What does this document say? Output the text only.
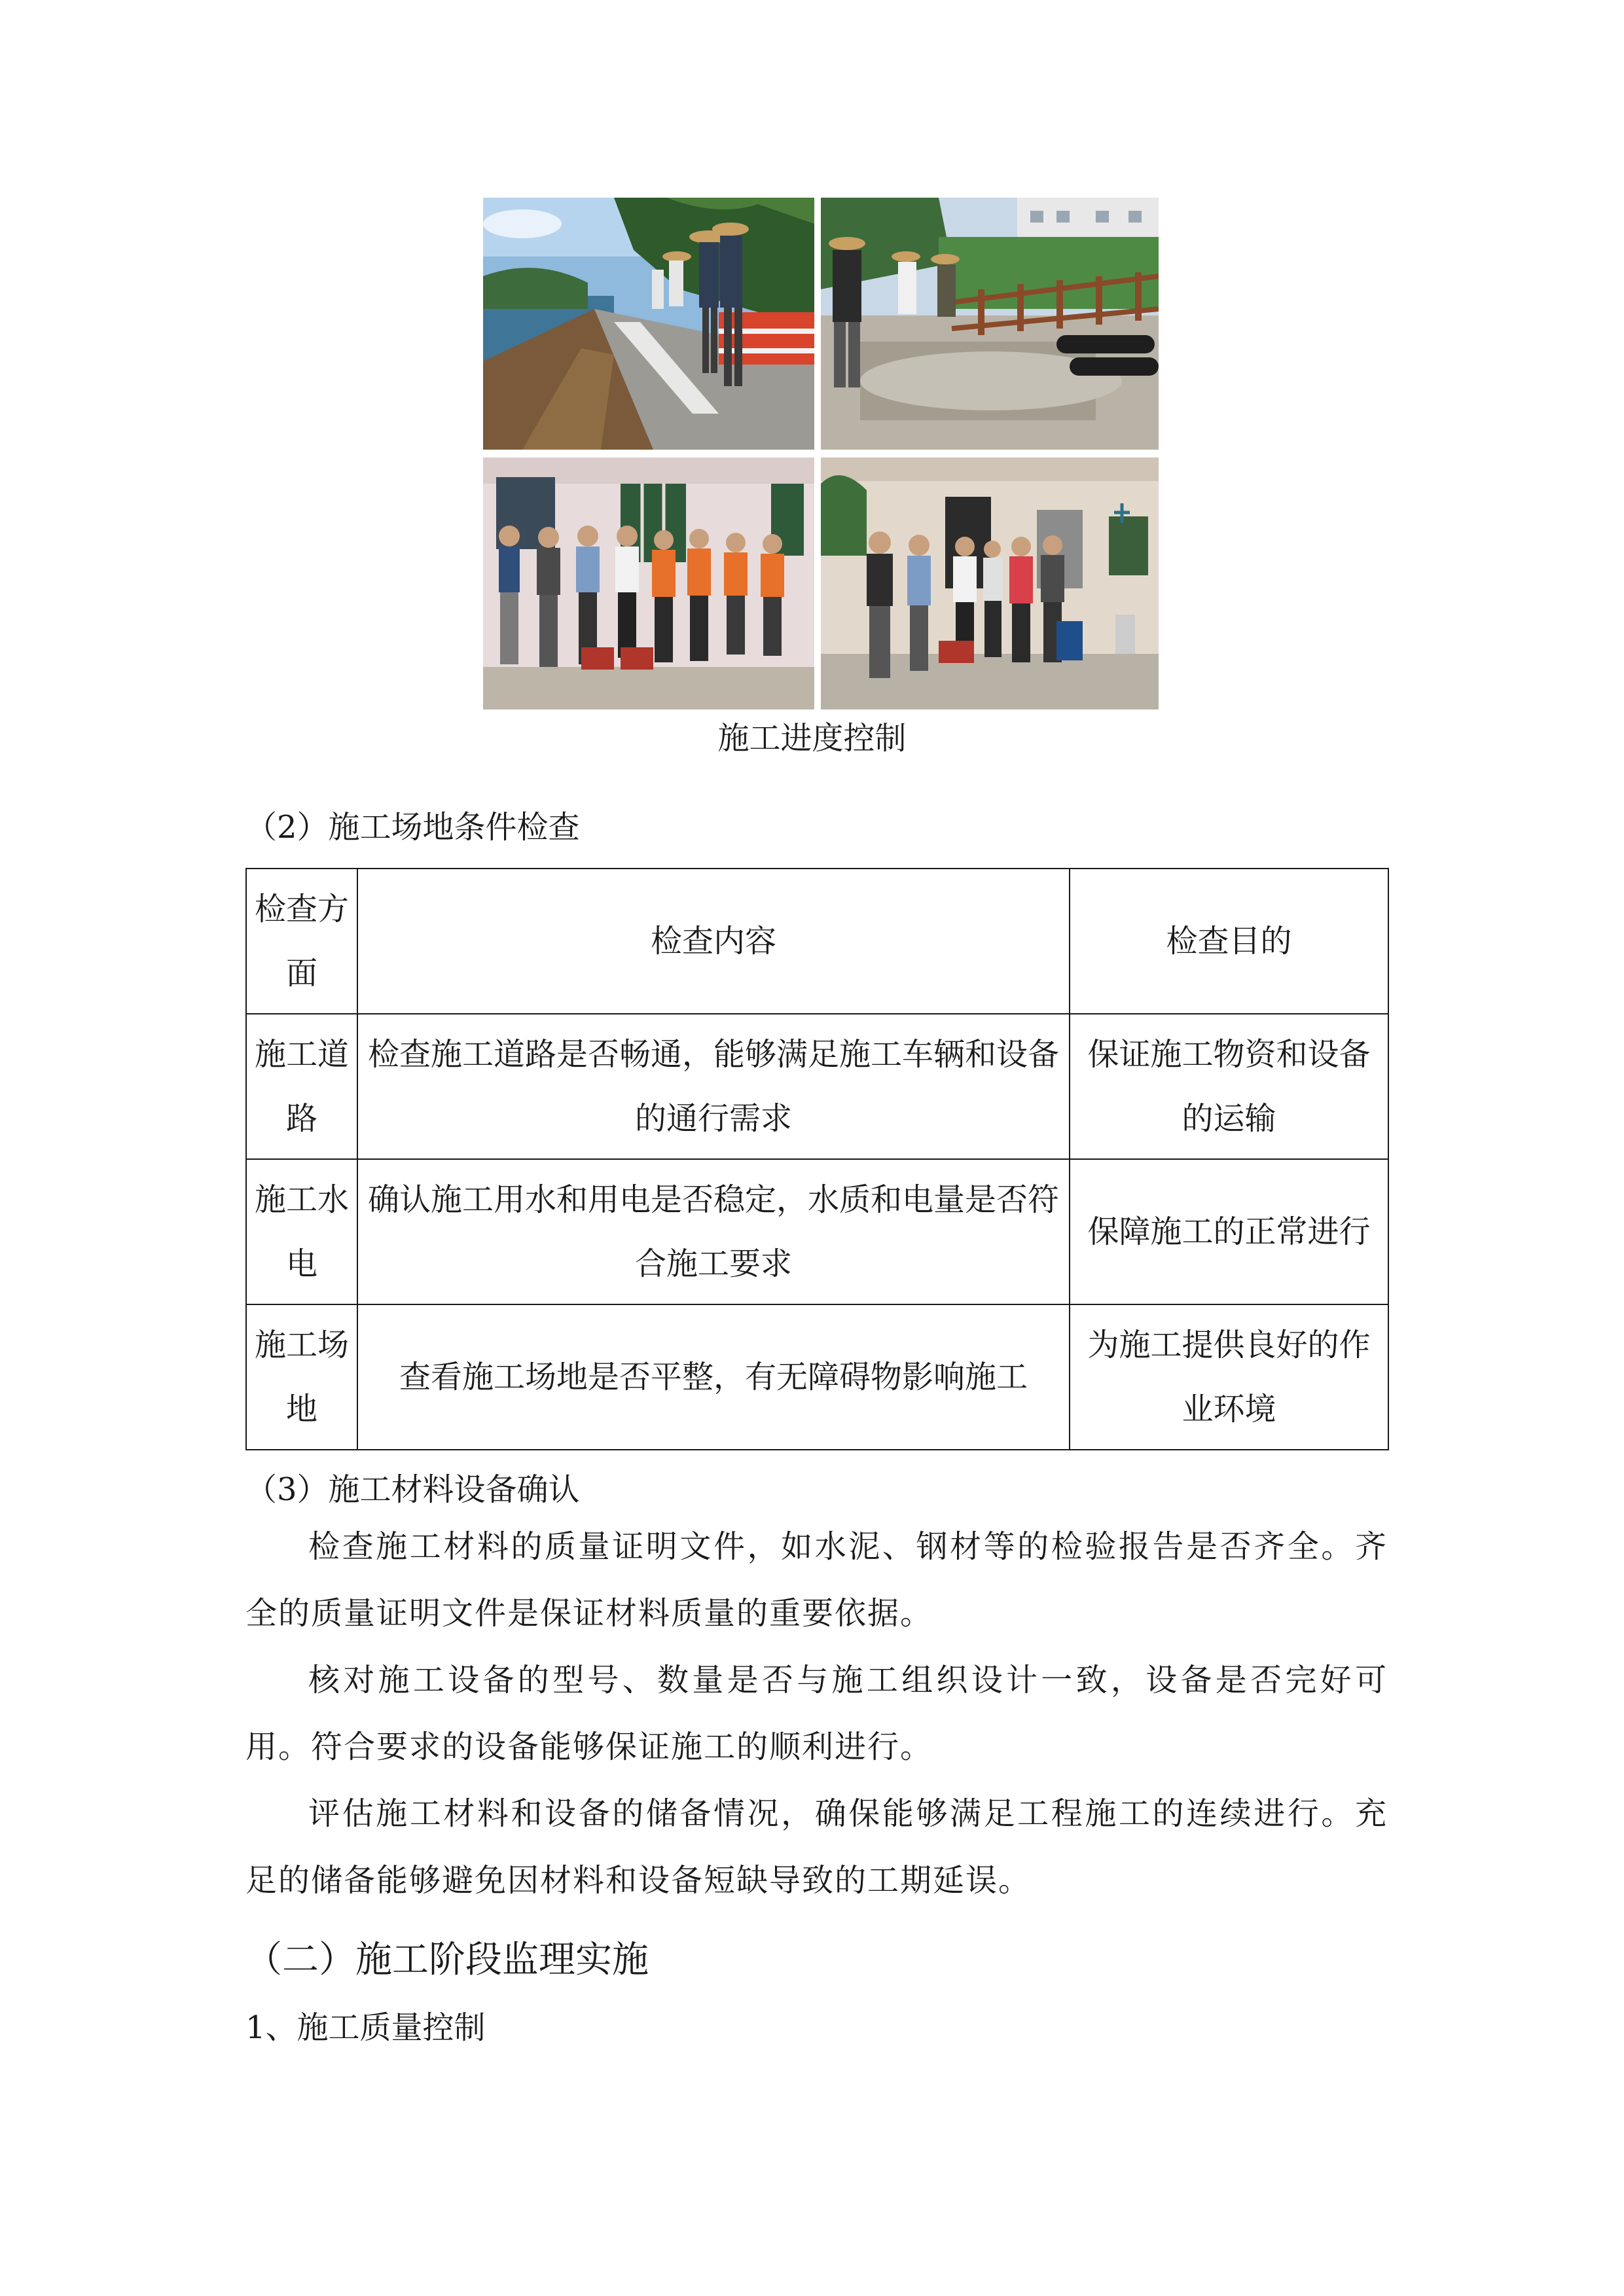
施工进度控制
（2）施工场地条件检查
检查方面	检查内容	检查目的
施工道路	检查施工道路是否畅通，能够满足施工车辆和设备的通行需求	保证施工物资和设备的运输
施工水电	确认施工用水和用电是否稳定，水质和电量是否符合施工要求	保障施工的正常进行
施工场地	查看施工场地是否平整，有无障碍物影响施工	为施工提供良好的作业环境
（3）施工材料设备确认

检查施工材料的质量证明文件，如水泥、钢材等的检验报告是否齐全。齐全的质量证明文件是保证材料质量的重要依据。

核对施工设备的型号、数量是否与施工组织设计一致，设备是否完好可用。符合要求的设备能够保证施工的顺利进行。

评估施工材料和设备的储备情况，确保能够满足工程施工的连续进行。充足的储备能够避免因材料和设备短缺导致的工期延误。

（二）施工阶段监理实施
1、施工质量控制
